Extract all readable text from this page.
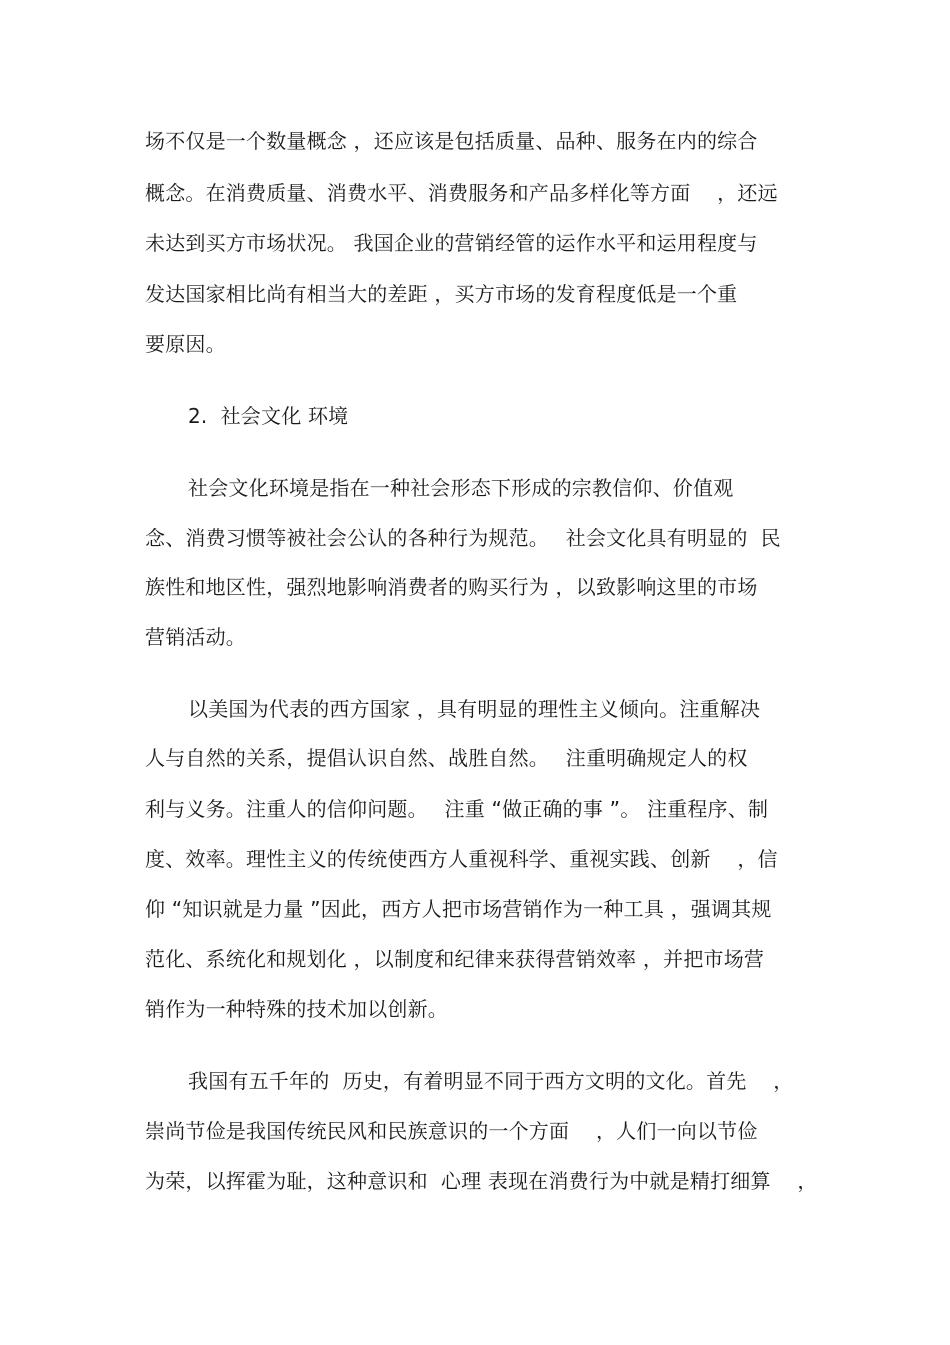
场不仅是一个数量概念 ，还应该是包括质量、品种、服务在内的综合
概念。在消费质量、消费水平、消费服务和产品多样化等方面　 ，还远
未达到买方市场状况。 我国企业的营销经管的运作水平和运用程度与
发达国家相比尚有相当大的差距 ，买方市场的发育程度低是一个重
要原因。
2.  社会文化 环境
社会文化环境是指在一种社会形态下形成的宗教信仰、价值观
念、消费习惯等被社会公认的各种行为规范。　 社会文化具有明显的  民
族性和地区性，强烈地影响消费者的购买行为 ，以致影响这里的市场
营销活动。
以美国为代表的西方国家 ，具有明显的理性主义倾向。注重解决
人与自然的关系，提倡认识自然、战胜自然。　 注重明确规定人的权
利与义务。注重人的信仰问题。　 注重 “做正确的事 ”。 注重程序、制
度、效率。理性主义的传统使西方人重视科学、重视实践、创新　 ，信
仰 “知识就是力量 ”因此，西方人把市场营销作为一种工具 ，强调其规
范化、系统化和规划化 ，以制度和纪律来获得营销效率 ，并把市场营
销作为一种特殊的技术加以创新。
我国有五千年的  历史，有着明显不同于西方文明的文化。首先 　，
崇尚节俭是我国传统民风和民族意识的一个方面　 ，人们一向以节俭
为荣，以挥霍为耻，这种意识和  心理 表现在消费行为中就是精打细算　 ，
